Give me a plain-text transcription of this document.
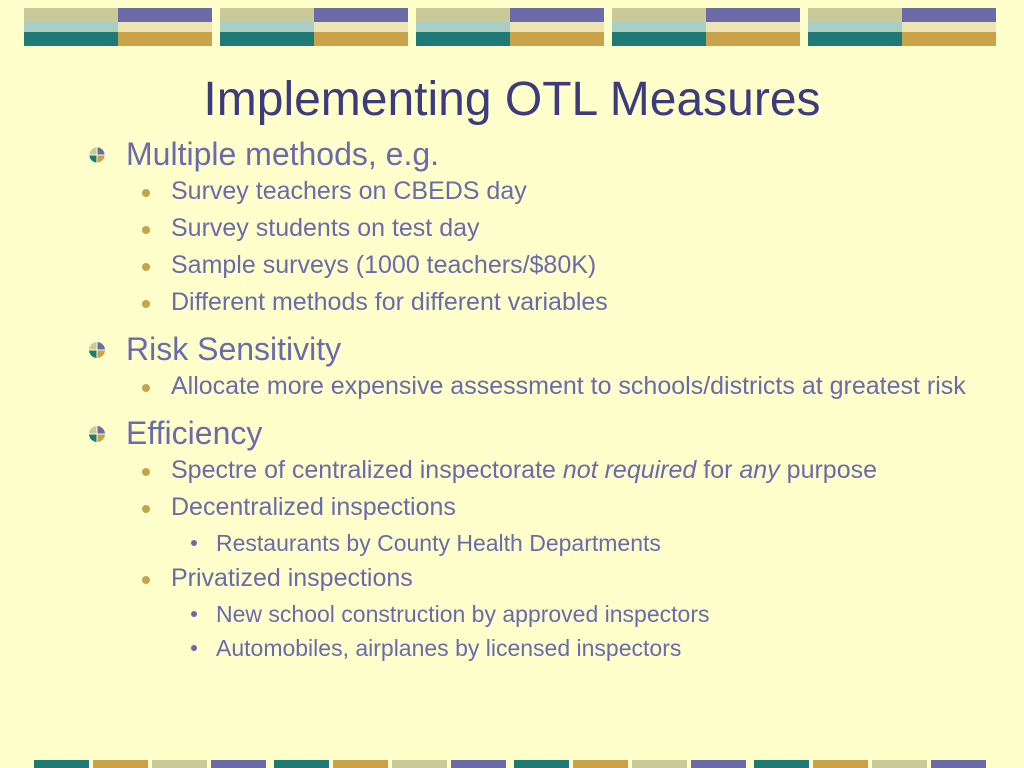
Implementing OTL Measures
Multiple methods, e.g.
Survey teachers on CBEDS day
Survey students on test day
Sample surveys (1000 teachers/$80K)
Different methods for different variables
Risk Sensitivity
Allocate more expensive assessment to schools/districts at greatest risk
Efficiency
Spectre of centralized inspectorate not required for any purpose
Decentralized inspections
Restaurants by County Health Departments
Privatized inspections
New school construction by approved inspectors
Automobiles, airplanes by licensed inspectors
